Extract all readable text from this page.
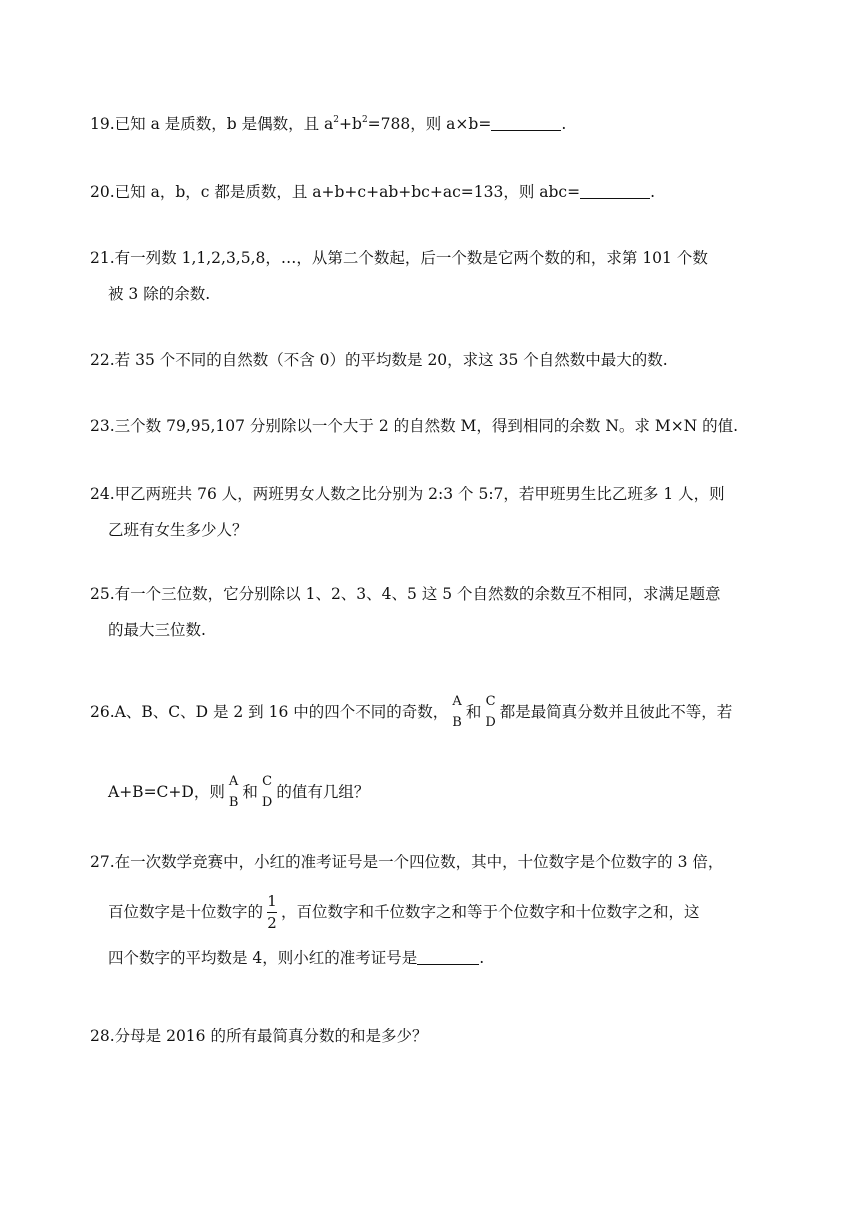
19.已知 a 是质数，b 是偶数，且 $a^2+b^2=788$，则 a×b=	.
20.已知 a，b，c 都是质数，且 a+b+c+ab+bc+ac=133，则 abc=	.
21.有一列数 1,1,2,3,5,8，…，从第二个数起，后一个数是它两个数的和，求第 101 个数
被 3 除的余数.
22.若 35 个不同的自然数（不含 0）的平均数是 20，求这 35 个自然数中最大的数.
23.三个数 79,95,107 分别除以一个大于 2 的自然数 M，得到相同的余数 N。求 M×N 的值.
24.甲乙两班共 76 人，两班男女人数之比分别为 2:3 个 5:7，若甲班男生比乙班多 1 人，则
乙班有女生多少人？
25.有一个三位数，它分别除以 1、2、3、4、5 这 5 个自然数的余数互不相同，求满足题意
的最大三位数.
26. A、B、C、D 是 2 到 16 中的四个不同的奇数，
A
B
和
C
D
都是最简真分数并且彼此不等，若
A+B=C+D，则
A
B
和
C
D
的值有几组？
27.在一次数学竞赛中，小红的准考证号是一个四位数，其中，十位数字是个位数字的 3 倍，
百位数字是十位数字的 $\frac{1}{2}$ ，百位数字和千位数字之和等于个位数字和十位数字之和，这
四个数字的平均数是 4，则小红的准考证号是	.
28.分母是 2016 的所有最简真分数的和是多少？
